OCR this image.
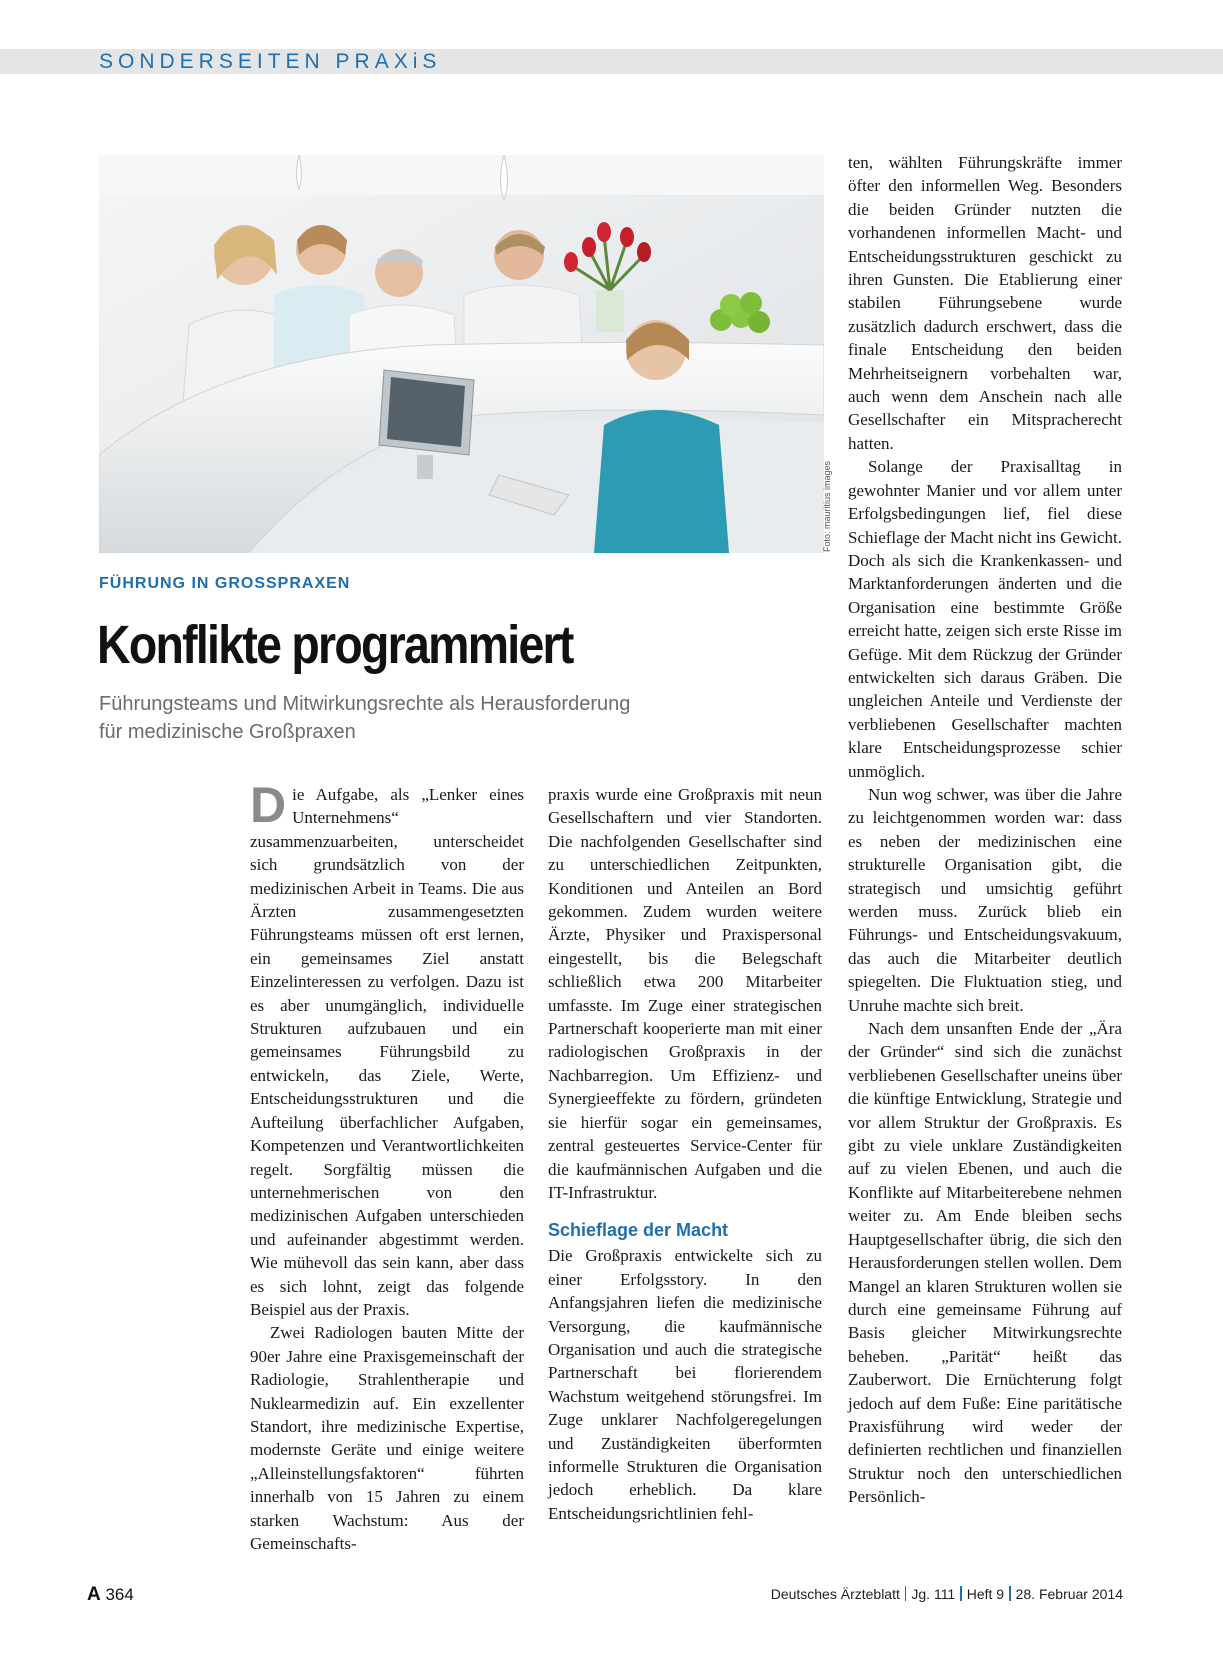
SONDERSEITEN PRAXiS
Foto: mauritius images
FÜHRUNG IN GROSSPRAXEN
Konflikte programmiert
Führungsteams und Mitwirkungsrechte als Herausforderung
für medizinische Großpraxen

Die Aufgabe, als „Lenker eines Unternehmens“ zusammenzuarbeiten, unterscheidet sich grundsätzlich von der medizinischen Arbeit in Teams. Die aus Ärzten zusammengesetzten Führungsteams müssen oft erst lernen, ein gemeinsames Ziel anstatt Einzelinteressen zu verfolgen. Dazu ist es aber unumgänglich, individuelle Strukturen aufzubauen und ein gemeinsames Führungsbild zu entwickeln, das Ziele, Werte, Entscheidungsstrukturen und die Aufteilung überfachlicher Aufgaben, Kompetenzen und Verantwortlichkeiten regelt. Sorgfältig müssen die unternehmerischen von den medizinischen Aufgaben unterschieden und aufeinander abgestimmt werden. Wie mühevoll das sein kann, aber dass es sich lohnt, zeigt das folgende Beispiel aus der Praxis.

Zwei Radiologen bauten Mitte der 90er Jahre eine Praxisgemeinschaft der Radiologie, Strahlentherapie und Nuklearmedizin auf. Ein exzellenter Standort, ihre medizinische Expertise, modernste Geräte und einige weitere „Alleinstellungsfaktoren“ führten innerhalb von 15 Jahren zu einem starken Wachstum: Aus der Gemeinschafts-

praxis wurde eine Großpraxis mit neun Gesellschaftern und vier Standorten. Die nachfolgenden Gesellschafter sind zu unterschiedlichen Zeitpunkten, Konditionen und Anteilen an Bord gekommen. Zudem wurden weitere Ärzte, Physiker und Praxispersonal eingestellt, bis die Belegschaft schließlich etwa 200 Mitarbeiter umfasste. Im Zuge einer strategischen Partnerschaft kooperierte man mit einer radiologischen Großpraxis in der Nachbarregion. Um Effizienz- und Synergieeffekte zu fördern, gründeten sie hierfür sogar ein gemeinsames, zentral gesteuertes Service-Center für die kaufmännischen Aufgaben und die IT-Infrastruktur.

Schieflage der Macht

Die Großpraxis entwickelte sich zu einer Erfolgsstory. In den Anfangsjahren liefen die medizinische Versorgung, die kaufmännische Organisation und auch die strategische Partnerschaft bei florierendem Wachstum weitgehend störungsfrei. Im Zuge unklarer Nachfolgeregelungen und Zuständigkeiten überformten informelle Strukturen die Organisation jedoch erheblich. Da klare Entscheidungsrichtlinien fehl-

ten, wählten Führungskräfte immer öfter den informellen Weg. Besonders die beiden Gründer nutzten die vorhandenen informellen Macht- und Entscheidungsstrukturen geschickt zu ihren Gunsten. Die Etablierung einer stabilen Führungsebene wurde zusätzlich dadurch erschwert, dass die finale Entscheidung den beiden Mehrheitseignern vorbehalten war, auch wenn dem Anschein nach alle Gesellschafter ein Mitspracherecht hatten.

Solange der Praxisalltag in gewohnter Manier und vor allem unter Erfolgsbedingungen lief, fiel diese Schieflage der Macht nicht ins Gewicht. Doch als sich die Krankenkassen- und Marktanforderungen änderten und die Organisation eine bestimmte Größe erreicht hatte, zeigen sich erste Risse im Gefüge. Mit dem Rückzug der Gründer entwickelten sich daraus Gräben. Die ungleichen Anteile und Verdienste der verbliebenen Gesellschafter machten klare Entscheidungsprozesse schier unmöglich.

Nun wog schwer, was über die Jahre zu leichtgenommen worden war: dass es neben der medizinischen eine strukturelle Organisation gibt, die strategisch und umsichtig geführt werden muss. Zurück blieb ein Führungs- und Entscheidungsvakuum, das auch die Mitarbeiter deutlich spiegelten. Die Fluktuation stieg, und Unruhe machte sich breit.

Nach dem unsanften Ende der „Ära der Gründer“ sind sich die zunächst verbliebenen Gesellschafter uneins über die künftige Entwicklung, Strategie und vor allem Struktur der Großpraxis. Es gibt zu viele unklare Zuständigkeiten auf zu vielen Ebenen, und auch die Konflikte auf Mitarbeiterebene nehmen weiter zu. Am Ende bleiben sechs Hauptgesellschafter übrig, die sich den Herausforderungen stellen wollen. Dem Mangel an klaren Strukturen wollen sie durch eine gemeinsame Führung auf Basis gleicher Mitwirkungsrechte beheben. „Parität“ heißt das Zauberwort. Die Ernüchterung folgt jedoch auf dem Fuße: Eine paritätische Praxisführung wird weder der definierten rechtlichen und finanziellen Struktur noch den unterschiedlichen Persönlich-

A 364	Deutsches Ärzteblatt Jg. 111 Heft 9 28. Februar 2014
